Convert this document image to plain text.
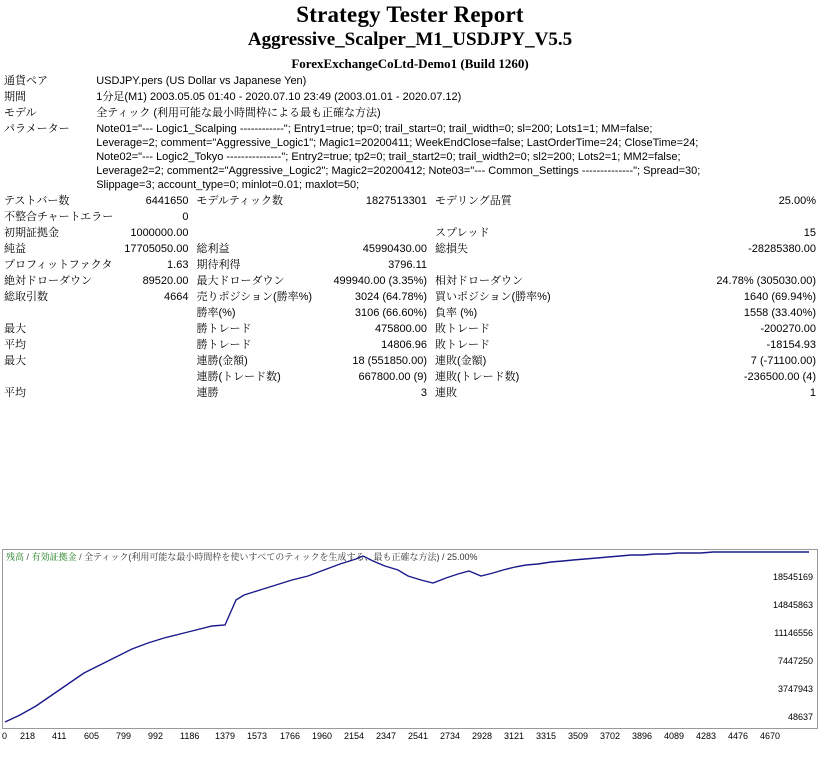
Strategy Tester Report
Aggressive_Scalper_M1_USDJPY_V5.5
ForexExchangeCoLtd-Demo1 (Build 1260)
通貨ペア	USDJPY.pers (US Dollar vs Japanese Yen)
期間	1分足(M1) 2003.05.05 01:40 - 2020.07.10 23:49 (2003.01.01 - 2020.07.12)
モデル	全ティック (利用可能な最小時間枠による最も正確な方法)
パラメーター	Note01="--- Logic1_Scalping ------------"; Entry1=true; tp=0; trail_start=0; trail_width=0; sl=200; Lots1=1; MM=false;
Leverage=2; comment="Aggressive_Logic1"; Magic1=20200411; WeekEndClose=false; LastOrderTime=24; CloseTime=24;
Note02="--- Logic2_Tokyo ---------------"; Entry2=true; tp2=0; trail_start2=0; trail_width2=0; sl2=200; Lots2=1; MM2=false;
Leverage2=2; comment2="Aggressive_Logic2"; Magic2=20200412; Note03="--- Common_Settings --------------"; Spread=30;
Slippage=3; account_type=0; minlot=0.01; maxlot=50;
テストバー数	6441650	モデルティック数	1827513301	モデリング品質	25.00%
不整合チャートエラー	0				
初期証拠金	1000000.00			スプレッド	15
純益	17705050.00	総利益	45990430.00	総損失	-28285380.00
プロフィットファクタ	1.63	期待利得	3796.11		
絶対ドローダウン	89520.00	最大ドローダウン	499940.00 (3.35%)	相対ドローダウン	24.78% (305030.00)
総取引数	4664	売りポジション(勝率%)	3024 (64.78%)	買いポジション(勝率%)	1640 (69.94%)
		勝率(%)	3106 (66.60%)	負率 (%)	1558 (33.40%)
最大		勝トレード	475800.00	敗トレード	-200270.00
平均		勝トレード	14806.96	敗トレード	-18154.93
最大		連勝(金額)	18 (551850.00)	連敗(金額)	7 (-71100.00)
		連勝(トレード数)	667800.00 (9)	連敗(トレード数)	-236500.00 (4)
平均		連勝	3	連敗	1
残高 / 有効証拠金 / 全ティック(利用可能な最小時間枠を使いすべてのティックを生成する、最も正確な方法) / 25.00%
18545169
14845863
11146556
7447250
3747943
48637
0 218 411 605 799 992 1186 1379 1573 1766 1960 2154 2347 2541 2734 2928 3121 3315 3509 3702 3896 4089 4283 4476 4670
